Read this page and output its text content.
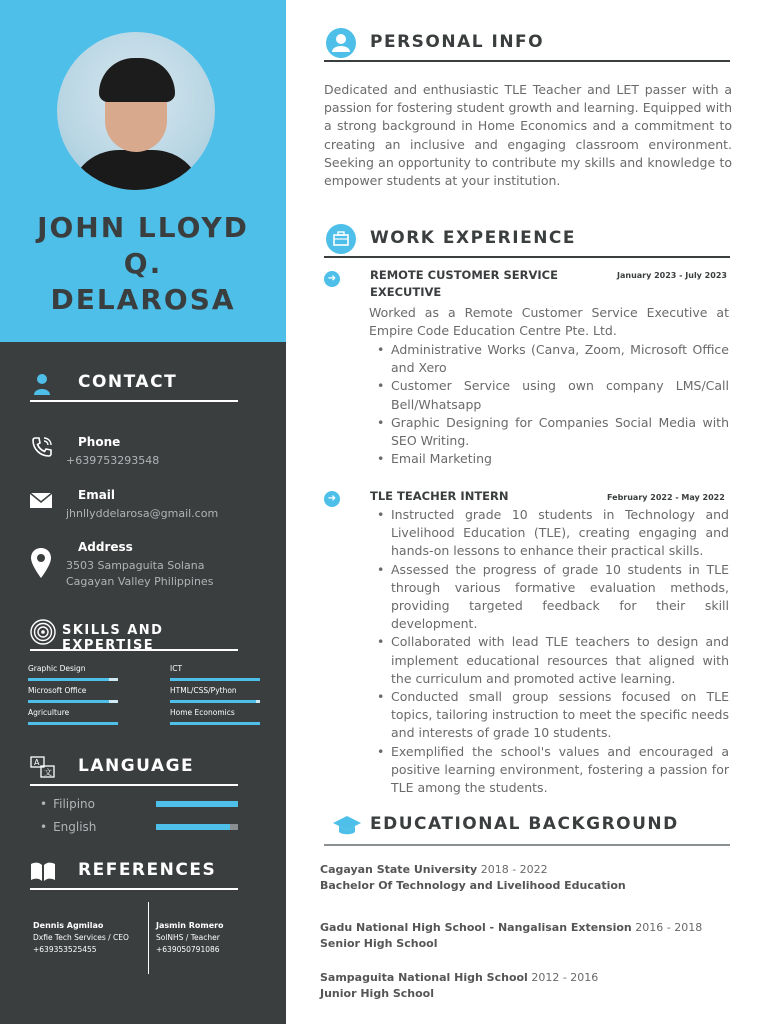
JOHN LLOYD
Q.
DELAROSA
CONTACT
Phone
+639753293548
Email
jhnllyddelarosa@gmail.com
Address
3503 Sampaguita Solana
Cagayan Valley Philippines
SKILLS AND EXPERTISE
Graphic Design	ICT
Microsoft Office	HTML/CSS/Python
Agriculture	Home Economics
A
文 LANGUAGE
• Filipino
• English
REFERENCES
Dennis Agmilao
Dxfie Tech Services / CEO
+639353525455
Jasmin Romero
SolNHS / Teacher
+639050791086
PERSONAL INFO
Dedicated and enthusiastic TLE Teacher and LET passer with a passion for fostering student growth and learning. Equipped with a strong background in Home Economics and a commitment to creating an inclusive and engaging classroom environment. Seeking an opportunity to contribute my skills and knowledge to empower students at your institution.
WORK EXPERIENCE
➜	REMOTE CUSTOMER SERVICE
EXECUTIVE
January 2023 - July 2023
Worked as a Remote Customer Service Executive at Empire Code Education Centre Pte. Ltd.
• Administrative Works (Canva, Zoom, Microsoft Office and Xero
• Customer Service using own company LMS/Call Bell/Whatsapp
• Graphic Designing for Companies Social Media with SEO Writing.
• Email Marketing
➜	TLE TEACHER INTERN	February 2022 - May 2022
• Instructed grade 10 students in Technology and Livelihood Education (TLE), creating engaging and hands-on lessons to enhance their practical skills.
• Assessed the progress of grade 10 students in TLE through various formative evaluation methods, providing targeted feedback for their skill development.
• Collaborated with lead TLE teachers to design and implement educational resources that aligned with the curriculum and promoted active learning.
• Conducted small group sessions focused on TLE topics, tailoring instruction to meet the specific needs and interests of grade 10 students.
• Exemplified the school's values and encouraged a positive learning environment, fostering a passion for TLE among the students.
EDUCATIONAL BACKGROUND
Cagayan State University 2018 - 2022
Bachelor Of Technology and Livelihood Education
Gadu National High School - Nangalisan Extension 2016 - 2018
Senior High School
Sampaguita National High School 2012 - 2016
Junior High School
